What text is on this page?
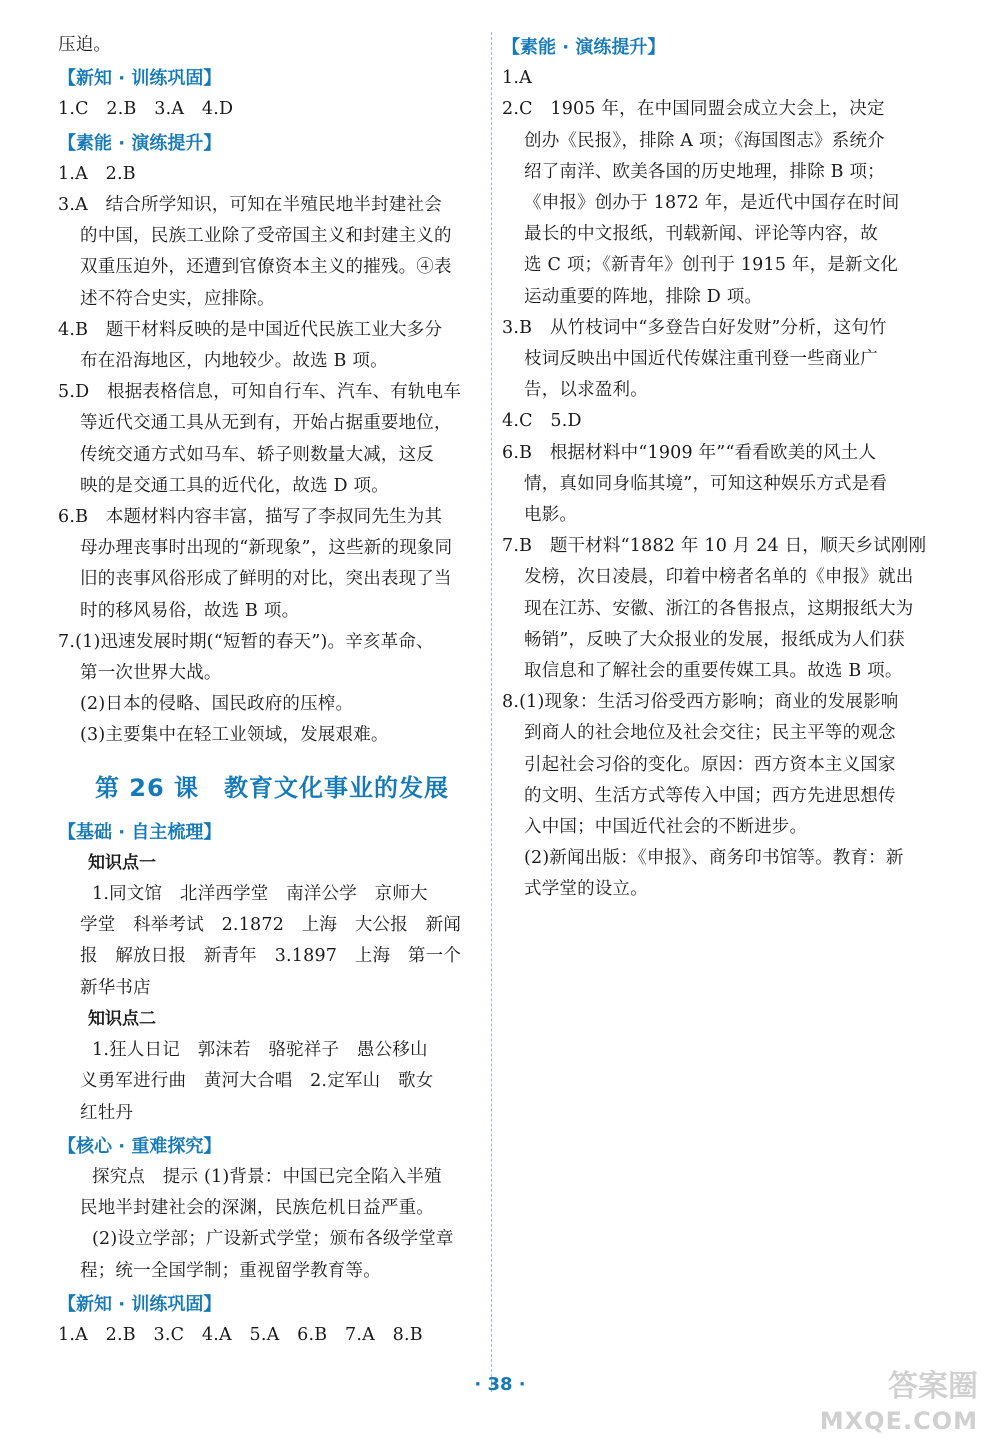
压迫。
【新知 · 训练巩固】
1.C　2.B　3.A　4.D
【素能 · 演练提升】
1.A　2.B
3.A　结合所学知识，可知在半殖民地半封建社会
的中国，民族工业除了受帝国主义和封建主义的
双重压迫外，还遭到官僚资本主义的摧残。④表
述不符合史实，应排除。
4.B　题干材料反映的是中国近代民族工业大多分
布在沿海地区，内地较少。故选 B 项。
5.D　根据表格信息，可知自行车、汽车、有轨电车
等近代交通工具从无到有，开始占据重要地位，
传统交通方式如马车、轿子则数量大减，这反
映的是交通工具的近代化，故选 D 项。
6.B　本题材料内容丰富，描写了李叔同先生为其
母办理丧事时出现的“新现象”，这些新的现象同
旧的丧事风俗形成了鲜明的对比，突出表现了当
时的移风易俗，故选 B 项。
7.(1)迅速发展时期(“短暂的春天”)。辛亥革命、
第一次世界大战。
(2)日本的侵略、国民政府的压榨。
(3)主要集中在轻工业领域，发展艰难。
第 26 课　教育文化事业的发展
【基础 · 自主梳理】
知识点一
1.同文馆　北洋西学堂　南洋公学　京师大
学堂　科举考试　2.1872　上海　大公报　新闻
报　解放日报　新青年　3.1897　上海　第一个
新华书店
知识点二
1.狂人日记　郭沫若　骆驼祥子　愚公移山
义勇军进行曲　黄河大合唱　2.定军山　歌女
红牡丹
【核心 · 重难探究】
探究点　提示 (1)背景：中国已完全陷入半殖
民地半封建社会的深渊，民族危机日益严重。
(2)设立学部；广设新式学堂；颁布各级学堂章
程；统一全国学制；重视留学教育等。
【新知 · 训练巩固】
1.A　2.B　3.C　4.A　5.A　6.B　7.A　8.B
【素能 · 演练提升】
1.A
2.C　1905 年，在中国同盟会成立大会上，决定
创办《民报》，排除 A 项；《海国图志》系统介
绍了南洋、欧美各国的历史地理，排除 B 项；
《申报》创办于 1872 年，是近代中国存在时间
最长的中文报纸，刊载新闻、评论等内容，故
选 C 项；《新青年》创刊于 1915 年，是新文化
运动重要的阵地，排除 D 项。
3.B　从竹枝词中“多登告白好发财”分析，这句竹
枝词反映出中国近代传媒注重刊登一些商业广
告，以求盈利。
4.C　5.D
6.B　根据材料中“1909 年”“看看欧美的风土人
情，真如同身临其境”，可知这种娱乐方式是看
电影。
7.B　题干材料“1882 年 10 月 24 日，顺天乡试刚刚
发榜，次日凌晨，印着中榜者名单的《申报》就出
现在江苏、安徽、浙江的各售报点，这期报纸大为
畅销”，反映了大众报业的发展，报纸成为人们获
取信息和了解社会的重要传媒工具。故选 B 项。
8.(1)现象：生活习俗受西方影响；商业的发展影响
到商人的社会地位及社会交往；民主平等的观念
引起社会习俗的变化。原因：西方资本主义国家
的文明、生活方式等传入中国；西方先进思想传
入中国；中国近代社会的不断进步。
(2)新闻出版：《申报》、商务印书馆等。教育：新
式学堂的设立。
· 38 ·	答案圈
MXQE.COM
